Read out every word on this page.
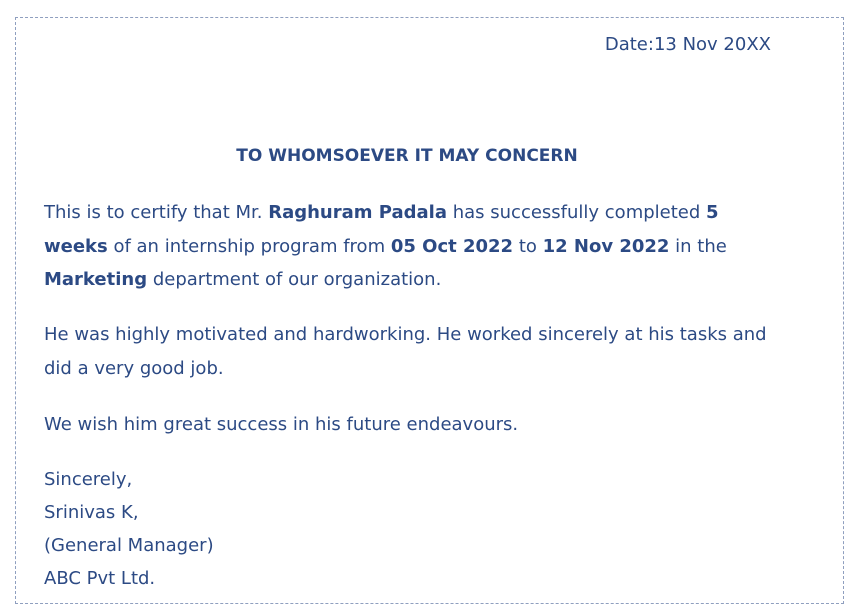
Date:13 Nov 20XX
TO WHOMSOEVER IT MAY CONCERN

This is to certify that Mr. Raghuram Padala has successfully completed 5 weeks of an internship program from 05 Oct 2022 to 12 Nov 2022 in the Marketing department of our organization.

He was highly motivated and hardworking. He worked sincerely at his tasks and did a very good job.

We wish him great success in his future endeavours.

Sincerely,
Srinivas K,
(General Manager)
ABC Pvt Ltd.
